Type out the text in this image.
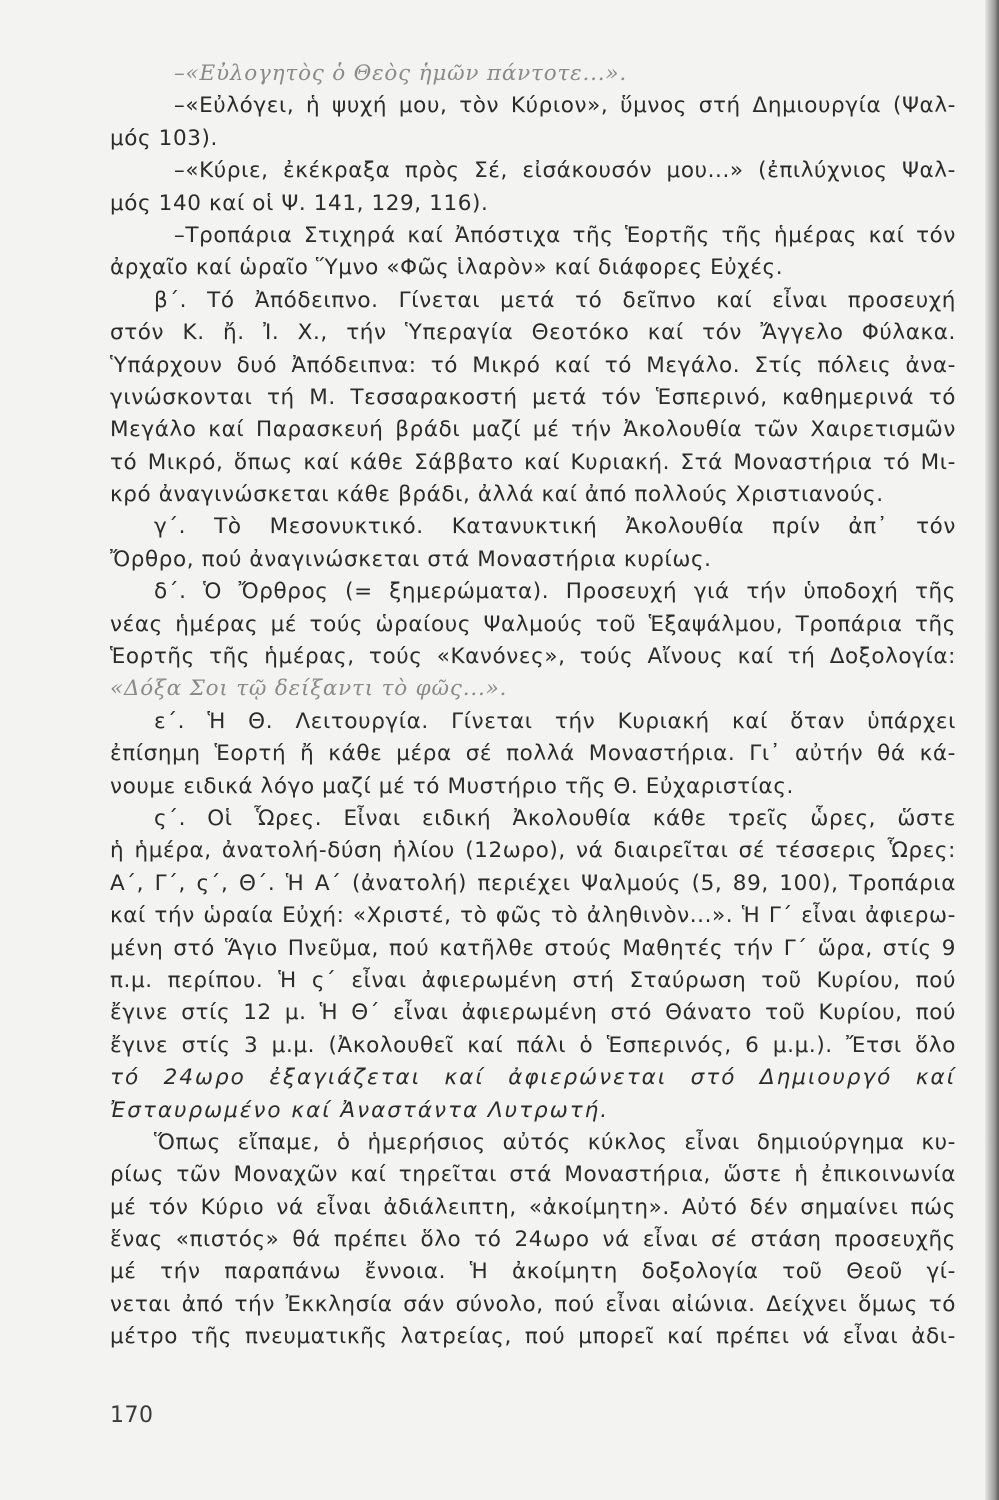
–«Εὐλογητὸς ὁ Θεὸς ἡμῶν πάντοτε...».
–«Εὐλόγει, ἡ ψυχή μου, τὸν Κύριον», ὕμνος στή Δημιουργία (Ψαλ-
μός 103).
–«Κύριε, ἐκέκραξα πρὸς Σέ, εἰσάκουσόν μου...» (ἐπιλύχνιος Ψαλ-
μός 140 καί οἱ Ψ. 141, 129, 116).
–Τροπάρια Στιχηρά καί Ἀπόστιχα τῆς Ἑορτῆς τῆς ἡμέρας καί τόν
ἀρχαῖο καί ὡραῖο Ὕμνο «Φῶς ἱλαρὸν» καί διάφορες Εὐχές.
β΄. Τό Ἀπόδειπνο. Γίνεται μετά τό δεῖπνο καί εἶναι προσευχή
στόν Κ. ἤ. Ἰ. Χ., τήν Ὑπεραγία Θεοτόκο καί τόν Ἄγγελο Φύλακα.
Ὑπάρχουν δυό Ἀπόδειπνα: τό Μικρό καί τό Μεγάλο. Στίς πόλεις ἀνα-
γινώσκονται τή Μ. Τεσσαρακοστή μετά τόν Ἑσπερινό, καθημερινά τό
Μεγάλο καί Παρασκευή βράδι μαζί μέ τήν Ἀκολουθία τῶν Χαιρετισμῶν
τό Μικρό, ὅπως καί κάθε Σάββατο καί Κυριακή. Στά Μοναστήρια τό Μι-
κρό ἀναγινώσκεται κάθε βράδι, ἀλλά καί ἀπό πολλούς Χριστιανούς.
γ΄. Τὸ Μεσονυκτικό. Κατανυκτική Ἀκολουθία πρίν ἀπ᾽ τόν
Ὄρθρο, πού ἀναγινώσκεται στά Μοναστήρια κυρίως.
δ΄. Ὁ Ὄρθρος (= ξημερώματα). Προσευχή γιά τήν ὑποδοχή τῆς
νέας ἡμέρας μέ τούς ὡραίους Ψαλμούς τοῦ Ἑξαψάλμου, Τροπάρια τῆς
Ἑορτῆς τῆς ἡμέρας, τούς «Κανόνες», τούς Αἴνους καί τή Δοξολογία:
«Δόξα Σοι τῷ δείξαντι τὸ φῶς...».
ε΄. Ἡ Θ. Λειτουργία. Γίνεται τήν Κυριακή καί ὅταν ὑπάρχει
ἐπίσημη Ἑορτή ἤ κάθε μέρα σέ πολλά Μοναστήρια. Γι᾽ αὐτήν θά κά-
νουμε ειδικά λόγο μαζί μέ τό Μυστήριο τῆς Θ. Εὐχαριστίας.
ς΄. Οἱ Ὧρες. Εἶναι ειδική Ἀκολουθία κάθε τρεῖς ὧρες, ὥστε
ἡ ἡμέρα, ἀνατολή-δύση ἡλίου (12ωρο), νά διαιρεῖται σέ τέσσερις Ὧρες:
Α΄, Γ΄, ς΄, Θ΄. Ἡ Α΄ (ἀνατολή) περιέχει Ψαλμούς (5, 89, 100), Τροπάρια
καί τήν ὡραία Εὐχή: «Χριστέ, τὸ φῶς τὸ ἀληθινὸν...». Ἡ Γ΄ εἶναι ἀφιερω-
μένη στό Ἅγιο Πνεῦμα, πού κατῆλθε στούς Μαθητές τήν Γ΄ ὥρα, στίς 9
π.μ. περίπου. Ἡ ς΄ εἶναι ἀφιερωμένη στή Σταύρωση τοῦ Κυρίου, πού
ἔγινε στίς 12 μ. Ἡ Θ΄ εἶναι ἀφιερωμένη στό Θάνατο τοῦ Κυρίου, πού
ἔγινε στίς 3 μ.μ. (Ἀκολουθεῖ καί πάλι ὁ Ἑσπερινός, 6 μ.μ.). Ἔτσι ὅλο
τό 24ωρο ἐξαγιάζεται καί ἀφιερώνεται στό Δημιουργό καί
Ἐσταυρωμένο καί Ἀναστάντα Λυτρωτή.
Ὅπως εἴπαμε, ὁ ἡμερήσιος αὐτός κύκλος εἶναι δημιούργημα κυ-
ρίως τῶν Μοναχῶν καί τηρεῖται στά Μοναστήρια, ὥστε ἡ ἐπικοινωνία
μέ τόν Κύριο νά εἶναι ἀδιάλειπτη, «ἀκοίμητη». Αὐτό δέν σημαίνει πώς
ἕνας «πιστός» θά πρέπει ὅλο τό 24ωρο νά εἶναι σέ στάση προσευχῆς
μέ τήν παραπάνω ἔννοια. Ἡ ἀκοίμητη δοξολογία τοῦ Θεοῦ γί-
νεται ἀπό τήν Ἐκκλησία σάν σύνολο, πού εἶναι αἰώνια. Δείχνει ὅμως τό
μέτρο τῆς πνευματικῆς λατρείας, πού μπορεῖ καί πρέπει νά εἶναι ἀδι-
170
